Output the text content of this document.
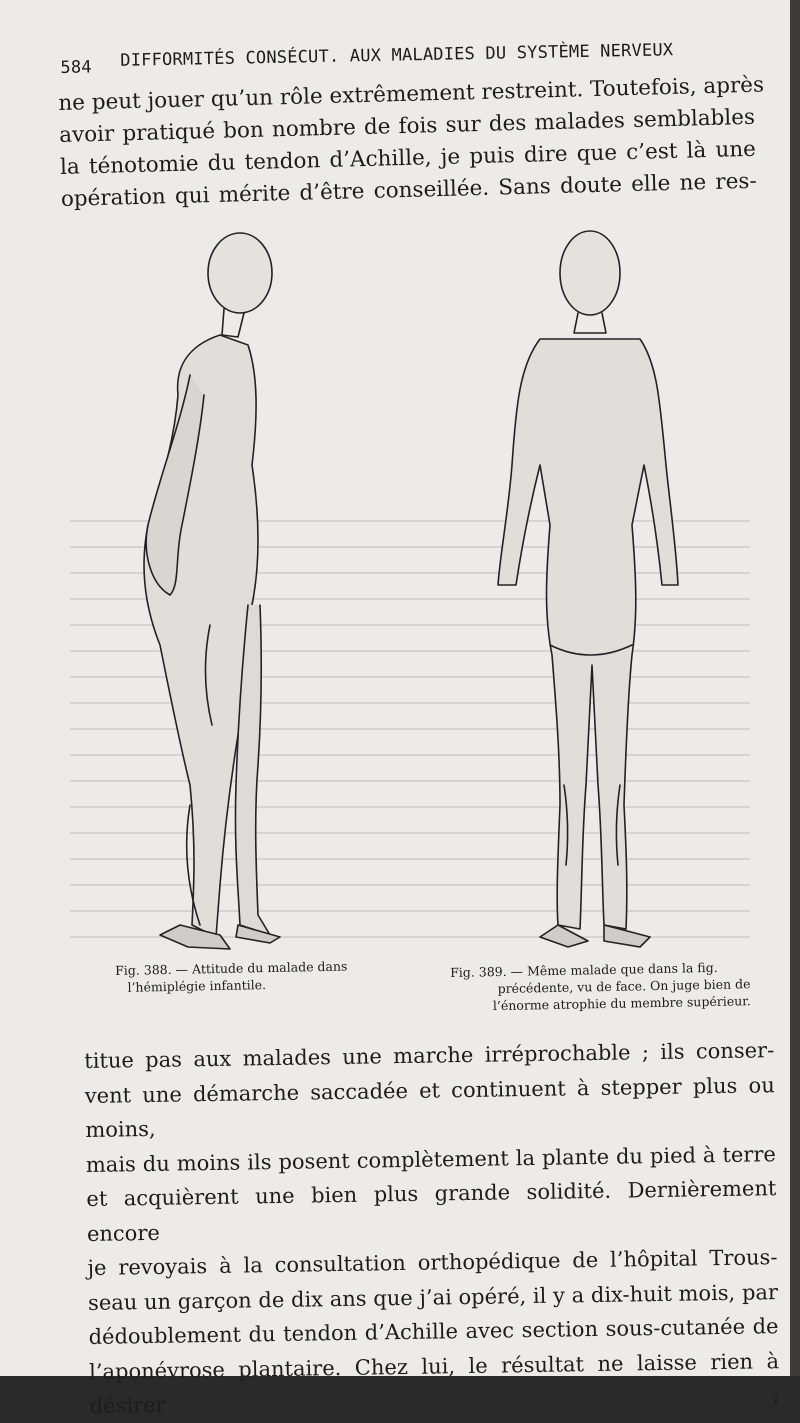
584 DIFFORMITÉS CONSÉCUT. AUX MALADIES DU SYSTÈME NERVEUX
ne peut jouer qu’un rôle extrêmement restreint. Toutefois, après
avoir pratiqué bon nombre de fois sur des malades semblables
la ténotomie du tendon d’Achille, je puis dire que c’est là une
opération qui mérite d’être conseillée. Sans doute elle ne res-
Fig. 388. — Attitude du malade dans
l’hémiplégie infantile.
Fig. 389. — Même malade que dans la fig.
précédente, vu de face. On juge bien de
l’énorme atrophie du membre supérieur.
titue pas aux malades une marche irréprochable ; ils conser-
vent une démarche saccadée et continuent à stepper plus ou moins,
mais du moins ils posent complètement la plante du pied à terre
et acquièrent une bien plus grande solidité. Dernièrement encore
je revoyais à la consultation orthopédique de l’hôpital Trous-
seau un garçon de dix ans que j’ai opéré, il y a dix-huit mois, par
dédoublement du tendon d’Achille avec section sous-cutanée de
l’aponévrose plantaire. Chez lui, le résultat ne laisse rien à désirer ;
